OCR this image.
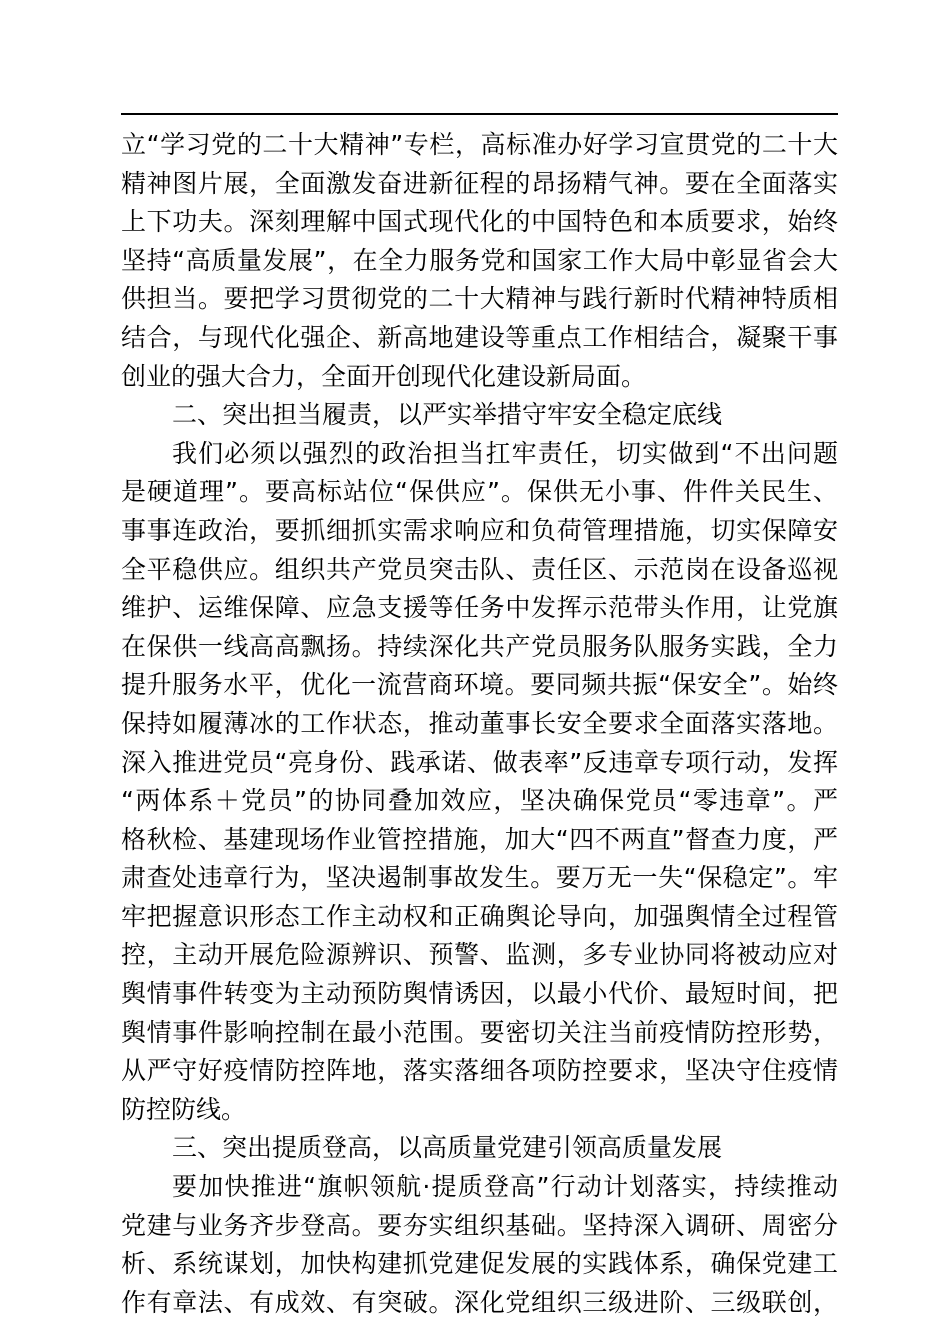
立“学习党的二十大精神”专栏，高标准办好学习宣贯党的二十大
精神图片展，全面激发奋进新征程的昂扬精气神。要在全面落实
上下功夫。深刻理解中国式现代化的中国特色和本质要求，始终
坚持“高质量发展”，在全力服务党和国家工作大局中彰显省会大
供担当。要把学习贯彻党的二十大精神与践行新时代精神特质相
结合，与现代化强企、新高地建设等重点工作相结合，凝聚干事
创业的强大合力，全面开创现代化建设新局面。
二、突出担当履责，以严实举措守牢安全稳定底线
我们必须以强烈的政治担当扛牢责任，切实做到“不出问题
是硬道理”。要高标站位“保供应”。保供无小事、件件关民生、
事事连政治，要抓细抓实需求响应和负荷管理措施，切实保障安
全平稳供应。组织共产党员突击队、责任区、示范岗在设备巡视
维护、运维保障、应急支援等任务中发挥示范带头作用，让党旗
在保供一线高高飘扬。持续深化共产党员服务队服务实践，全力
提升服务水平，优化一流营商环境。要同频共振“保安全”。始终
保持如履薄冰的工作状态，推动董事长安全要求全面落实落地。
深入推进党员“亮身份、践承诺、做表率”反违章专项行动，发挥
“两体系＋党员”的协同叠加效应，坚决确保党员“零违章”。严
格秋检、基建现场作业管控措施，加大“四不两直”督查力度，严
肃查处违章行为，坚决遏制事故发生。要万无一失“保稳定”。牢
牢把握意识形态工作主动权和正确舆论导向，加强舆情全过程管
控，主动开展危险源辨识、预警、监测，多专业协同将被动应对
舆情事件转变为主动预防舆情诱因，以最小代价、最短时间，把
舆情事件影响控制在最小范围。要密切关注当前疫情防控形势，
从严守好疫情防控阵地，落实落细各项防控要求，坚决守住疫情
防控防线。
三、突出提质登高，以高质量党建引领高质量发展
要加快推进“旗帜领航·提质登高”行动计划落实，持续推动
党建与业务齐步登高。要夯实组织基础。坚持深入调研、周密分
析、系统谋划，加快构建抓党建促发展的实践体系，确保党建工
作有章法、有成效、有突破。深化党组织三级进阶、三级联创，
